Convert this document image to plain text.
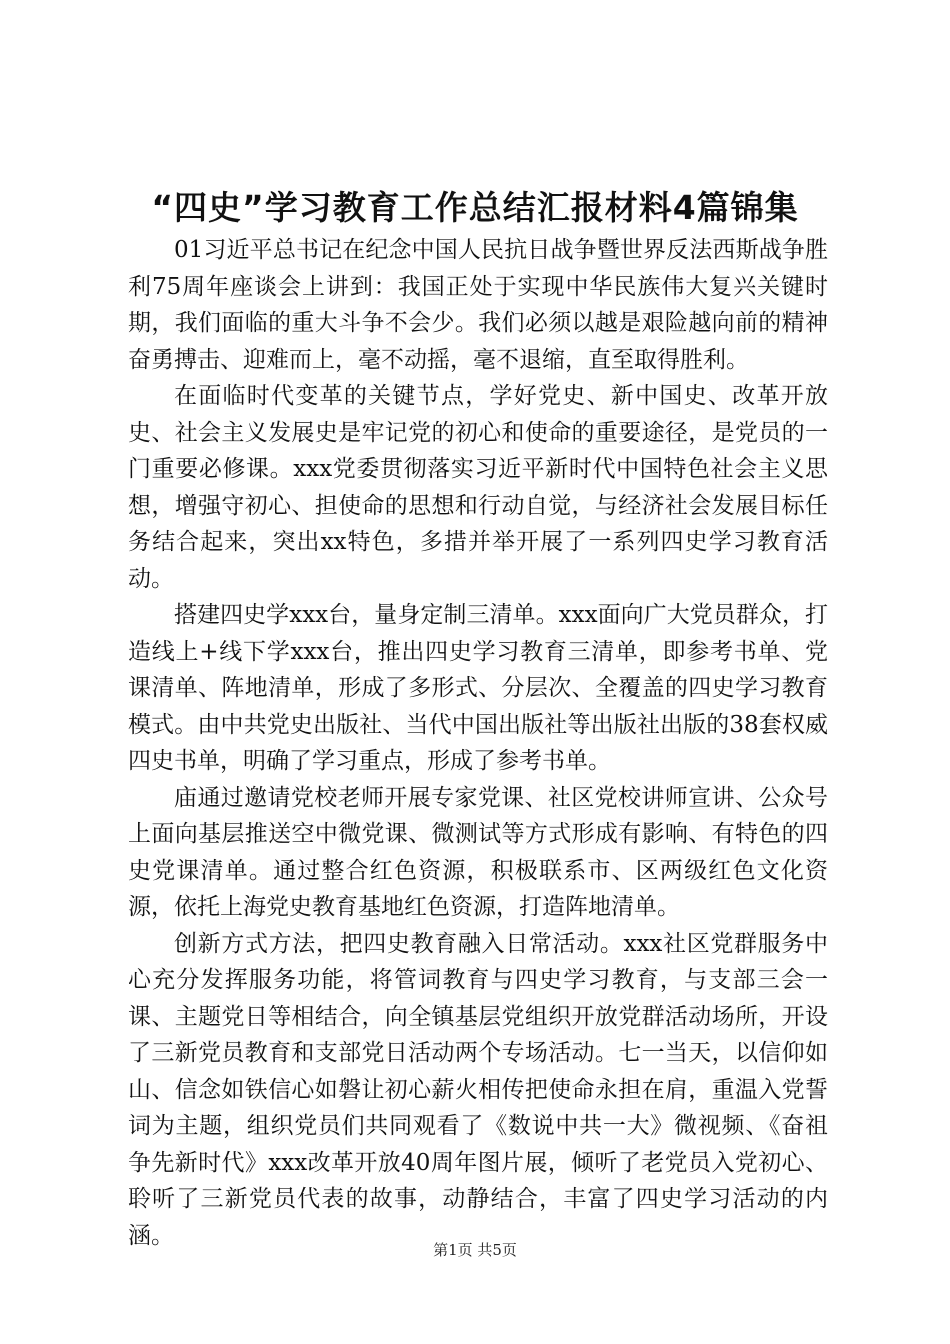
“四史”学习教育工作总结汇报材料4篇锦集

01习近平总书记在纪念中国人民抗日战争暨世界反法西斯战争胜利75周年座谈会上讲到：我国正处于实现中华民族伟大复兴关键时期，我们面临的重大斗争不会少。我们必须以越是艰险越向前的精神奋勇搏击、迎难而上，毫不动摇，毫不退缩，直至取得胜利。

在面临时代变革的关键节点，学好党史、新中国史、改革开放史、社会主义发展史是牢记党的初心和使命的重要途径，是党员的一门重要必修课。xxx党委贯彻落实习近平新时代中国特色社会主义思想，增强守初心、担使命的思想和行动自觉，与经济社会发展目标任务结合起来，突出xx特色，多措并举开展了一系列四史学习教育活动。

搭建四史学xxx台，量身定制三清单。xxx面向广大党员群众，打造线上+线下学xxx台，推出四史学习教育三清单，即参考书单、党课清单、阵地清单，形成了多形式、分层次、全覆盖的四史学习教育模式。由中共党史出版社、当代中国出版社等出版社出版的38套权威四史书单，明确了学习重点，形成了参考书单。

庙通过邀请党校老师开展专家党课、社区党校讲师宣讲、公众号上面向基层推送空中微党课、微测试等方式形成有影响、有特色的四史党课清单。通过整合红色资源，积极联系市、区两级红色文化资源，依托上海党史教育基地红色资源，打造阵地清单。

创新方式方法，把四史教育融入日常活动。xxx社区党群服务中心充分发挥服务功能，将管词教育与四史学习教育，与支部三会一课、主题党日等相结合，向全镇基层党组织开放党群活动场所，开设了三新党员教育和支部党日活动两个专场活动。七一当天，以信仰如山、信念如铁信心如磐让初心薪火相传把使命永担在肩，重温入党誓词为主题，组织党员们共同观看了《数说中共一大》微视频、《奋祖争先新时代》xxx改革开放40周年图片展，倾听了老党员入党初心、聆听了三新党员代表的故事，动静结合，丰富了四史学习活动的内涵。

第1页 共5页
